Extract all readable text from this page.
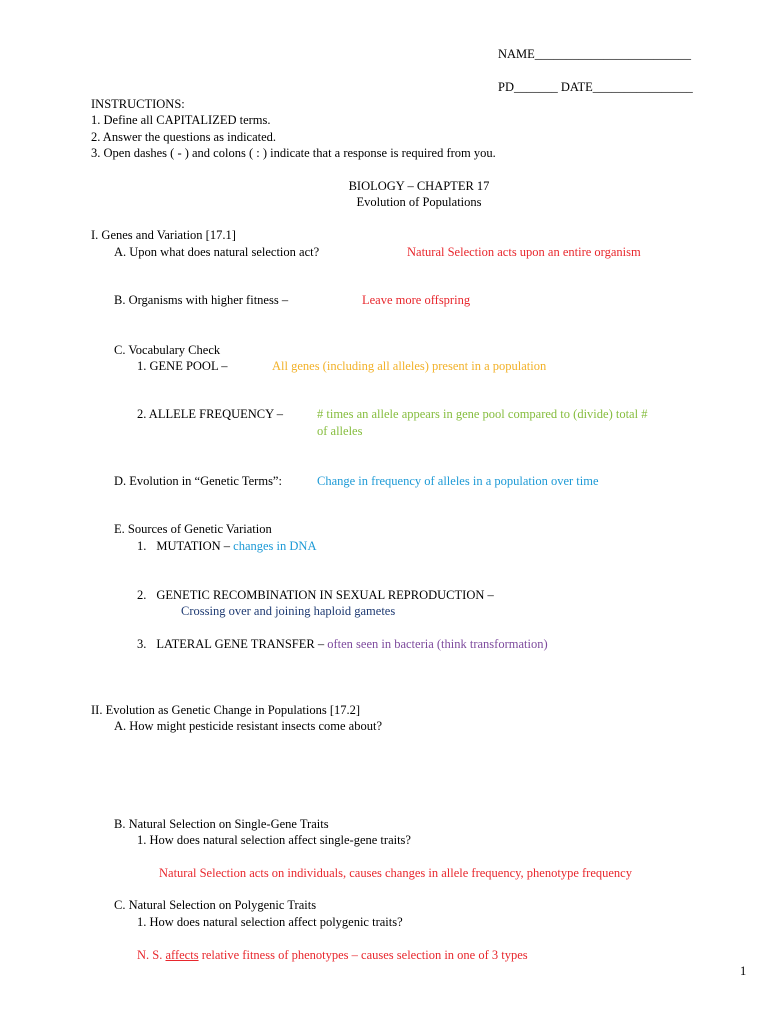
NAME_________________________
PD_______ DATE________________
INSTRUCTIONS:
1. Define all CAPITALIZED terms.
2. Answer the questions as indicated.
3. Open dashes ( - ) and colons ( : ) indicate that a response is required from you.
BIOLOGY – CHAPTER 17
Evolution of Populations
I. Genes and Variation [17.1]
A. Upon what does natural selection act?	Natural Selection acts upon an entire organism
B. Organisms with higher fitness –	Leave more offspring
C. Vocabulary Check
1. GENE POOL –	All genes (including all alleles) present in a population
2. ALLELE FREQUENCY –	# times an allele appears in gene pool compared to (divide) total #
of alleles
D. Evolution in “Genetic Terms”:	Change in frequency of alleles in a population over time
E. Sources of Genetic Variation
1. MUTATION – changes in DNA
2. GENETIC RECOMBINATION IN SEXUAL REPRODUCTION –
Crossing over and joining haploid gametes
3. LATERAL GENE TRANSFER – often seen in bacteria (think transformation)
II. Evolution as Genetic Change in Populations [17.2]
A. How might pesticide resistant insects come about?
B. Natural Selection on Single-Gene Traits
1. How does natural selection affect single-gene traits?
Natural Selection acts on individuals, causes changes in allele frequency, phenotype frequency
C. Natural Selection on Polygenic Traits
1. How does natural selection affect polygenic traits?
N. S. affects relative fitness of phenotypes – causes selection in one of 3 types
1
